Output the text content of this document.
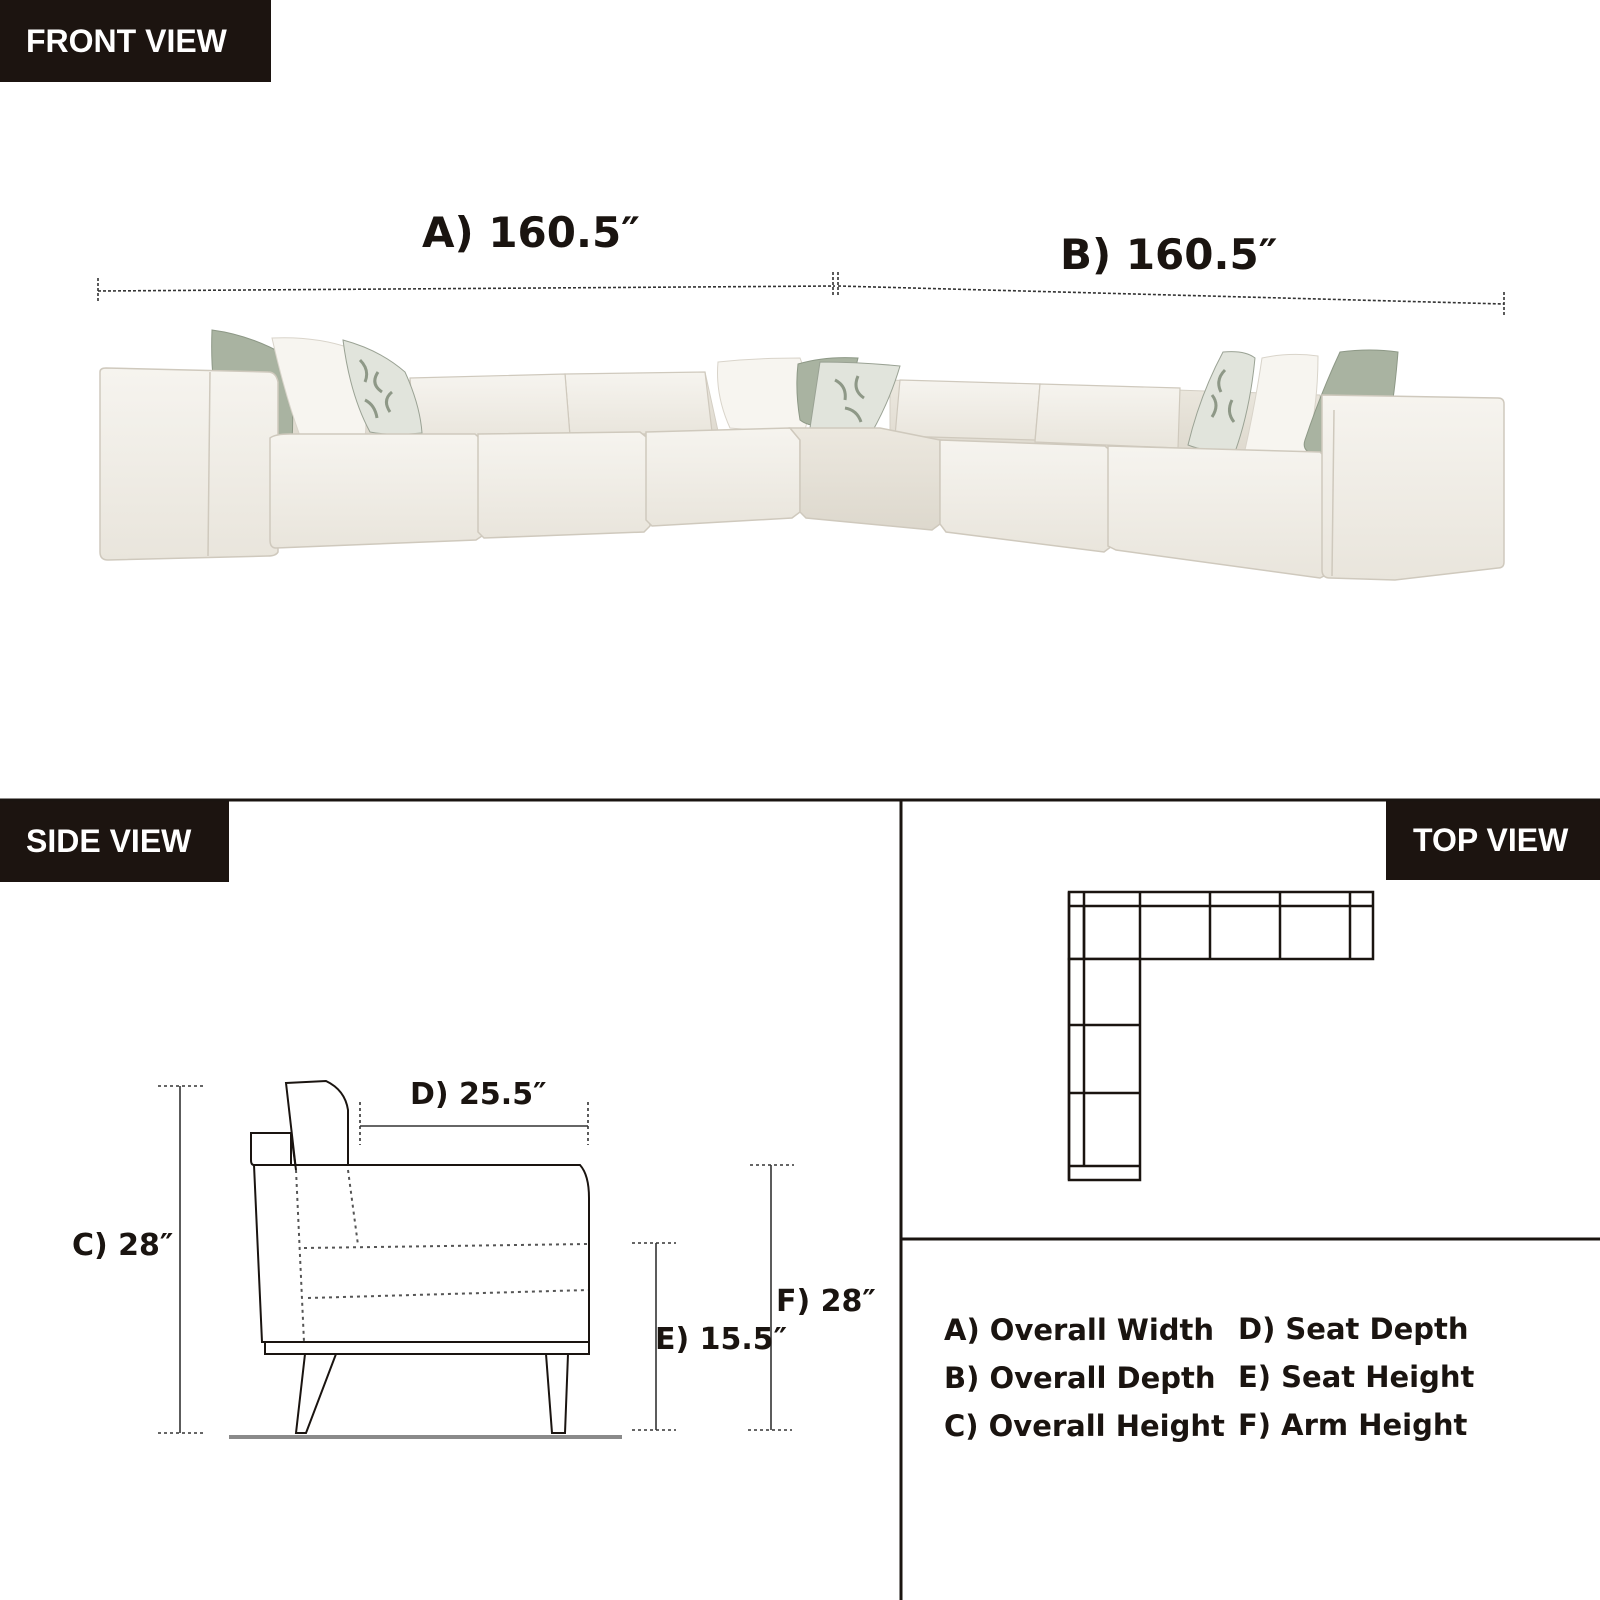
FRONT VIEW
SIDE VIEW	TOP VIEW
A) 160.5″	B) 160.5″
C) 28″
D) 25.5″
E) 15.5″
F) 28″
A) Overall Width
B) Overall Depth
C) Overall Height
D) Seat Depth
E) Seat Height
F) Arm Height
